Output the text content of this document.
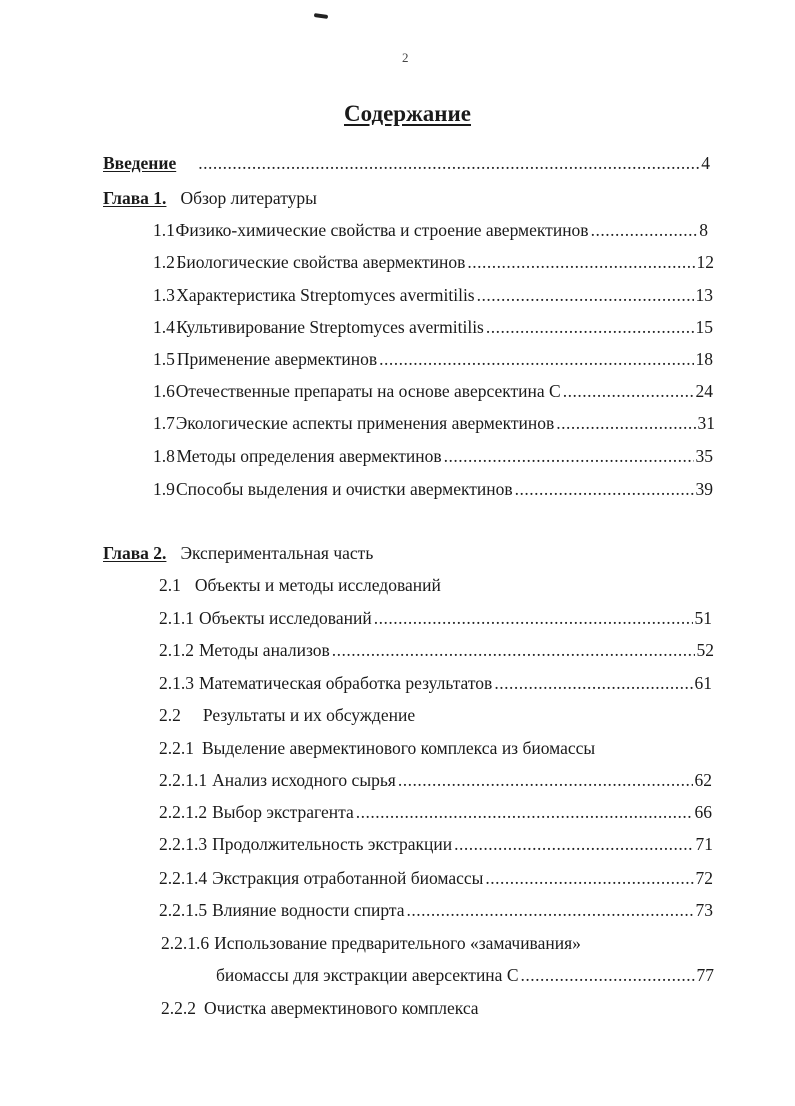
2
Содержание
Введение .....	4
Глава 1. Обзор литературы
1.1 Физико-химические свойства и строение авермектинов .....	8
1.2 Биологические свойства авермектинов .....	12
1.3 Характеристика Streptomyces avermitilis .....	13
1.4 Культивирование Streptomyces avermitilis .....	15
1.5 Применение авермектинов .....	18
1.6 Отечественные препараты на основе аверсектина С .....	24
1.7 Экологические аспекты применения авермектинов .....	31
1.8 Методы определения авермектинов .....	35
1.9 Способы выделения и очистки авермектинов .....	39
Глава 2. Экспериментальная часть
2.1 Объекты и методы исследований
2.1.1 Объекты исследований .....	51
2.1.2 Методы анализов .....	52
2.1.3 Математическая обработка результатов .....	61
2.2 Результаты и их обсуждение
2.2.1 Выделение авермектинового комплекса из биомассы
2.2.1.1 Анализ исходного сырья .....	62
2.2.1.2 Выбор экстрагента .....	66
2.2.1.3 Продолжительность экстракции .....	71
2.2.1.4 Экстракция отработанной биомассы .....	72
2.2.1.5 Влияние водности спирта .....	73
2.2.1.6 Использование предварительного «замачивания»
биомассы для экстракции аверсектина С .....	77
2.2.2 Очистка авермектинового комплекса
